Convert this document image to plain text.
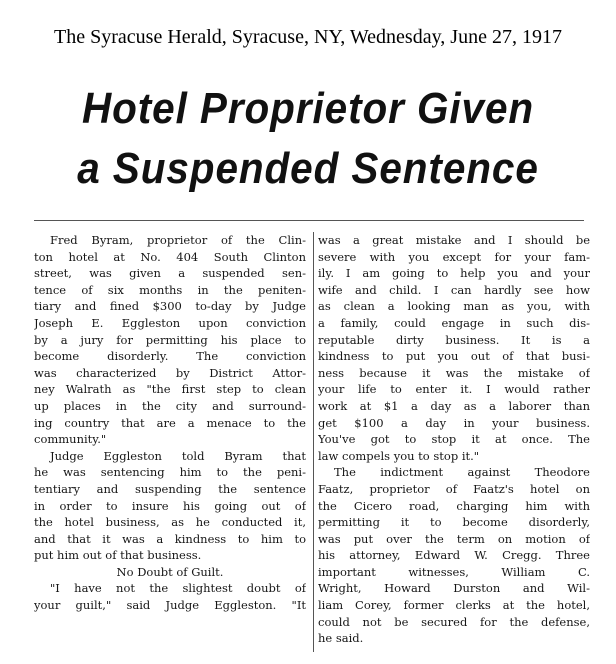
The Syracuse Herald, Syracuse, NY, Wednesday, June 27, 1917
Hotel Proprietor Given
a Suspended Sentence
Fred Byram, proprietor of the Clin-
ton hotel at No. 404 South Clinton
street, was given a suspended sen-
tence of six months in the peniten-
tiary and fined $300 to-day by Judge
Joseph E. Eggleston upon conviction
by a jury for permitting his place to
become disorderly. The conviction
was characterized by District Attor-
ney Walrath as "the first step to clean
up places in the city and surround-
ing country that are a menace to the
community."
Judge Eggleston told Byram that
he was sentencing him to the peni-
tentiary and suspending the sentence
in order to insure his going out of
the hotel business, as he conducted it,
and that it was a kindness to him to
put him out of that business.
No Doubt of Guilt.
"I have not the slightest doubt of
your guilt," said Judge Eggleston. "It
was a great mistake and I should be
severe with you except for your fam-
ily. I am going to help you and your
wife and child. I can hardly see how
as clean a looking man as you, with
a family, could engage in such dis-
reputable dirty business. It is a
kindness to put you out of that busi-
ness because it was the mistake of
your life to enter it. I would rather
work at $1 a day as a laborer than
get $100 a day in your business.
You've got to stop it at once. The
law compels you to stop it."
The indictment against Theodore
Faatz, proprietor of Faatz's hotel on
the Cicero road, charging him with
permitting it to become disorderly,
was put over the term on motion of
his attorney, Edward W. Cregg. Three
important witnesses, William C.
Wright, Howard Durston and Wil-
liam Corey, former clerks at the hotel,
could not be secured for the defense,
he said.
